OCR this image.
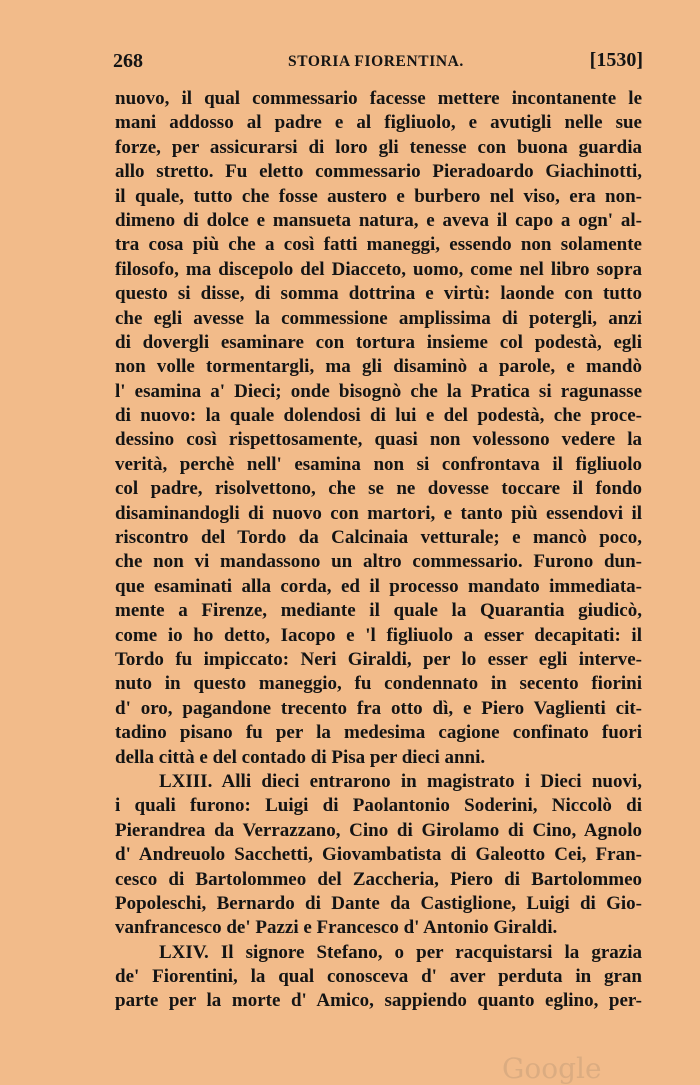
268	STORIA FIORENTINA.	[1530]
nuovo, il qual commessario facesse mettere incontanente le
mani addosso al padre e al figliuolo, e avutigli nelle sue
forze, per assicurarsi di loro gli tenesse con buona guardia
allo stretto. Fu eletto commessario Pieradoardo Giachinotti,
il quale, tutto che fosse austero e burbero nel viso, era non-
dimeno di dolce e mansueta natura, e aveva il capo a ogn' al-
tra cosa più che a così fatti maneggi, essendo non solamente
filosofo, ma discepolo del Diacceto, uomo, come nel libro sopra
questo si disse, di somma dottrina e virtù: laonde con tutto
che egli avesse la commessione amplissima di potergli, anzi
di dovergli esaminare con tortura insieme col podestà, egli
non volle tormentargli, ma gli disaminò a parole, e mandò
l' esamina a' Dieci; onde bisognò che la Pratica si ragunasse
di nuovo: la quale dolendosi di lui e del podestà, che proce-
dessino così rispettosamente, quasi non volessono vedere la
verità, perchè nell' esamina non si confrontava il figliuolo
col padre, risolvettono, che se ne dovesse toccare il fondo
disaminandogli di nuovo con martori, e tanto più essendovi il
riscontro del Tordo da Calcinaia vetturale; e mancò poco,
che non vi mandassono un altro commessario. Furono dun-
que esaminati alla corda, ed il processo mandato immediata-
mente a Firenze, mediante il quale la Quarantia giudicò,
come io ho detto, Iacopo e 'l figliuolo a esser decapitati: il
Tordo fu impiccato: Neri Giraldi, per lo esser egli interve-
nuto in questo maneggio, fu condennato in secento fiorini
d' oro, pagandone trecento fra otto dì, e Piero Vaglienti cit-
tadino pisano fu per la medesima cagione confinato fuori
della città e del contado di Pisa per dieci anni.
LXIII. Alli dieci entrarono in magistrato i Dieci nuovi,
i quali furono: Luigi di Paolantonio Soderini, Niccolò di
Pierandrea da Verrazzano, Cino di Girolamo di Cino, Agnolo
d' Andreuolo Sacchetti, Giovambatista di Galeotto Cei, Fran-
cesco di Bartolommeo del Zaccheria, Piero di Bartolommeo
Popoleschi, Bernardo di Dante da Castiglione, Luigi di Gio-
vanfrancesco de' Pazzi e Francesco d' Antonio Giraldi.
LXIV. Il signore Stefano, o per racquistarsi la grazia
de' Fiorentini, la qual conosceva d' aver perduta in gran
parte per la morte d' Amico, sappiendo quanto eglino, per-
Google
